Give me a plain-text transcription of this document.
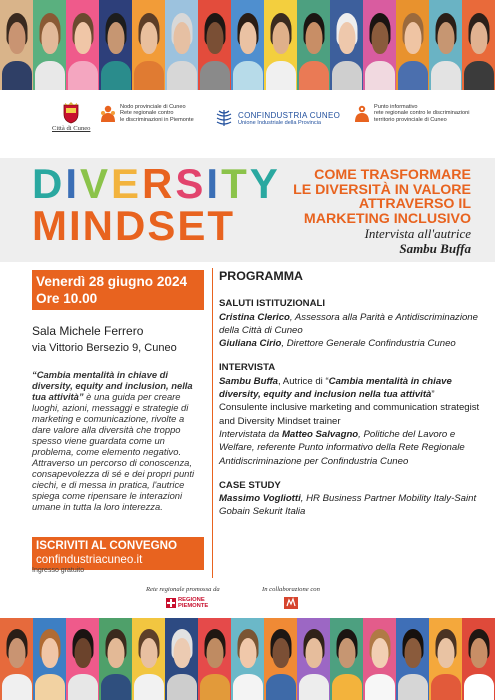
Città di Cuneo
Nodo provinciale di Cuneo
Rete regionale contro
le discriminazioni in Piemonte
CONFINDUSTRIA CUNEO
Unione Industriale della Provincia
Punto informativo
rete regionale contro le discriminazioni
territorio provinciale di Cuneo
DIVERSITY
MINDSET
COME TRASFORMARE
LE DIVERSITÀ IN VALORE
ATTRAVERSO IL
MARKETING INCLUSIVO
Intervista all'autrice
Sambu Buffa
Venerdì 28 giugno 2024
Ore 10.00
Sala Michele Ferrero
via Vittorio Bersezio 9, Cuneo
“Cambia mentalità in chiave di diversity, equity and inclusion, nella tua attività” è una guida per creare luoghi, azioni, messaggi e strategie di marketing e comunicazione, rivolte a dare valore alla diversità che troppo spesso viene guardata come un problema, come elemento negativo.
Attraverso un percorso di conoscenza, consapevolezza di sé e dei propri punti ciechi, e di messa in pratica, l'autrice spiega come ripensare le interazioni umane in tutta la loro interezza.
ISCRIVITI AL CONVEGNO
confindustriacuneo.it
Ingresso gratuito
PROGRAMMA
SALUTI ISTITUZIONALI
Cristina Clerico, Assessora alla Parità e Antidiscriminazione della Città di Cuneo
Giuliana Cirio, Direttore Generale Confindustria Cuneo
INTERVISTA
Sambu Buffa, Autrice di “Cambia mentalità in chiave diversity, equity and inclusion nella tua attività” Consulente inclusive marketing and communication strategist and Diversity Mindset trainer
Intervistata da Matteo Salvagno, Politiche del Lavoro e Welfare, referente Punto informativo della Rete Regionale Antidiscriminazione per Confindustria Cuneo
CASE STUDY
Massimo Vogliotti, HR Business Partner Mobility Italy-Saint Gobain Sekurit Italia
Rete regionale promossa da
REGIONE
PIEMONTE
In collaborazione con
